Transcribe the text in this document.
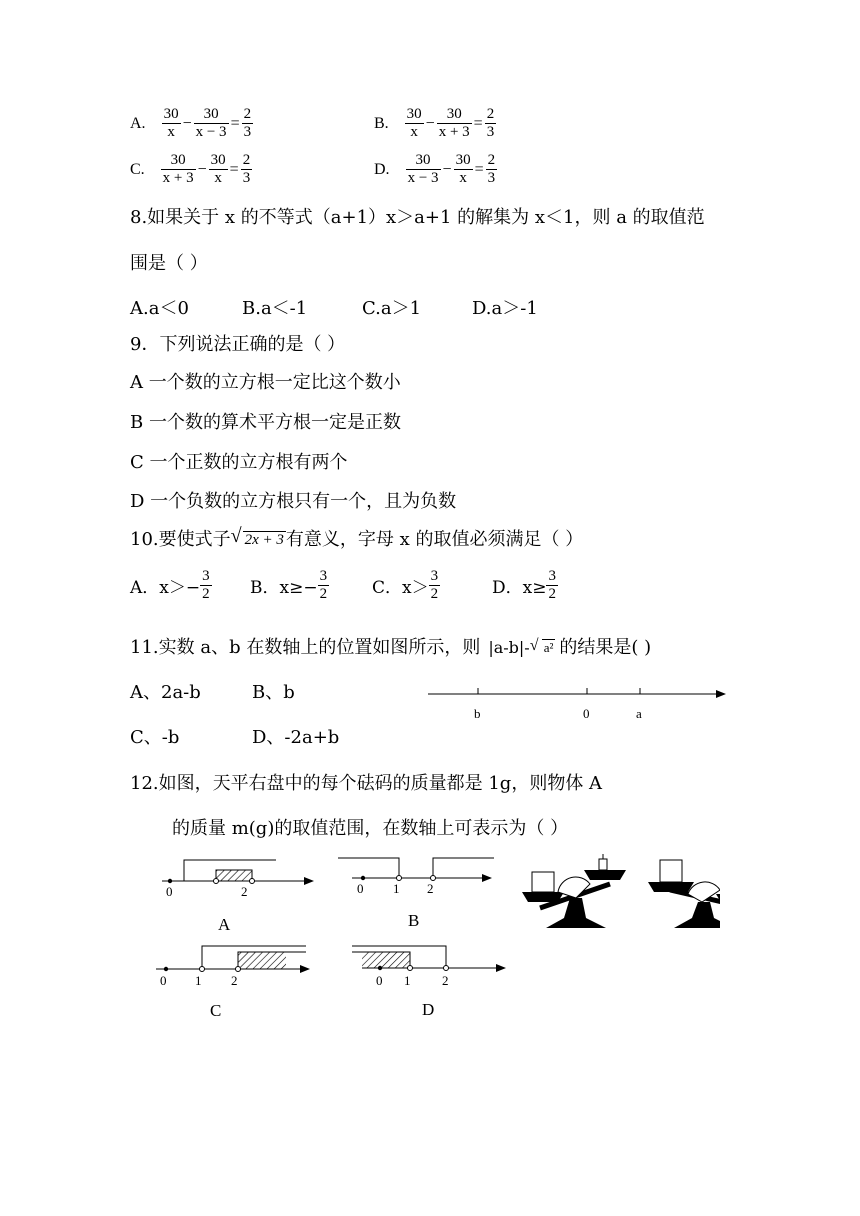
A. $\frac{30}{x} - \frac{30}{x - 3} = \frac{2}{3}$	B. $\frac{30}{x} - \frac{30}{x + 3} = \frac{2}{3}$
C. $\frac{30}{x + 3} - \frac{30}{x} = \frac{2}{3}$	D. $\frac{30}{x - 3} - \frac{30}{x} = \frac{2}{3}$
8.如果关于 x 的不等式（a+1）x＞a+1 的解集为 x＜1，则 a 的取值范
围是（ ）
A.a＜0	B.a＜-1	C.a＞1	D.a＞-1
9．下列说法正确的是（ ）
A 一个数的立方根一定比这个数小
B 一个数的算术平方根一定是正数
C 一个正数的立方根有两个
D 一个负数的立方根只有一个，且为负数
10.要使式子 √ 2x + 3 有意义，字母 x 的取值必须满足（ ）
A．$x>- \frac{3}{2}$ B．$x\ge- \frac{3}{2}$	C．$x> \frac{3}{2}$	D．$x\ge \frac{3}{2}$
11.实数 a、b 在数轴上的位置如图所示，则 |a-b|- √ a² 的结果是( )
A、2a-b	B、b
C、-b	D、-2a+b
b	0	a
12.如图，天平右盘中的每个砝码的质量都是 1g，则物体 A
的质量 m(g)的取值范围，在数轴上可表示为（ ）
0	2
A
0 1 2
B
0 1 2
C
0 1 2
D
